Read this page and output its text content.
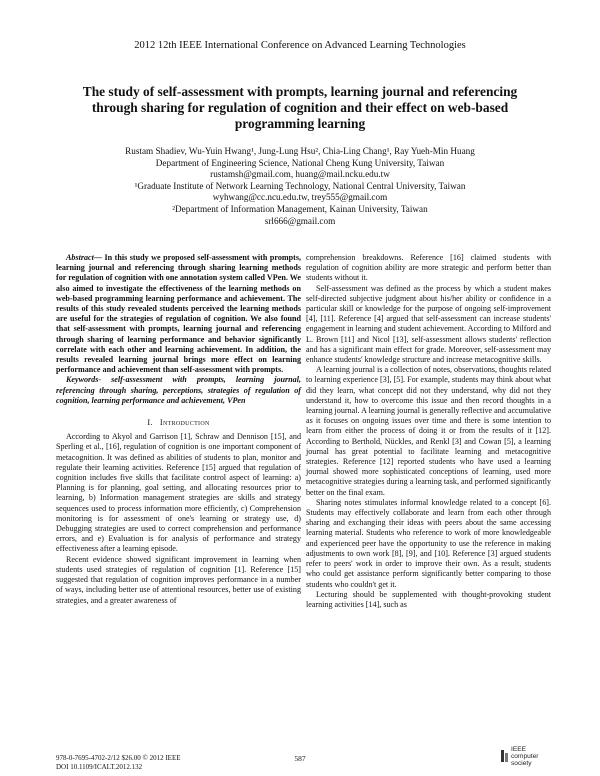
2012 12th IEEE International Conference on Advanced Learning Technologies
The study of self-assessment with prompts, learning journal and referencing through sharing for regulation of cognition and their effect on web-based programming learning
Rustam Shadiev, Wu-Yuin Hwang¹, Jung-Lung Hsu², Chia-Ling Chang¹, Ray Yueh-Min Huang
Department of Engineering Science, National Cheng Kung University, Taiwan
rustamsh@gmail.com, huang@mail.ncku.edu.tw
¹Graduate Institute of Network Learning Technology, National Central University, Taiwan
wyhwang@cc.ncu.edu.tw, trey555@gmail.com
²Department of Information Management, Kainan University, Taiwan
srl666@gmail.com

Abstract— In this study we proposed self-assessment with prompts, learning journal and referencing through sharing learning methods for regulation of cognition with one annotation system called VPen. We also aimed to investigate the effectiveness of the learning methods on web-based programming learning performance and achievement. The results of this study revealed students perceived the learning methods are useful for the strategies of regulation of cognition. We also found that self-assessment with prompts, learning journal and referencing through sharing of learning performance and behavior significantly correlate with each other and learning achievement. In addition, the results revealed learning journal brings more effect on learning performance and achievement than self-assessment with prompts.

Keywords- self-assessment with prompts, learning journal, referencing through sharing, perceptions, strategies of regulation of cognition, learning performance and achievement, VPen

I. Introduction

According to Akyol and Garrison [1], Schraw and Dennison [15], and Sperling et al., [16], regulation of cognition is one important component of metacognition. It was defined as abilities of students to plan, monitor and regulate their learning activities. Reference [15] argued that regulation of cognition includes five skills that facilitate control aspect of learning: a) Planning is for planning, goal setting, and allocating resources prior to learning, b) Information management strategies are skills and strategy sequences used to process information more efficiently, c) Comprehension monitoring is for assessment of one's learning or strategy use, d) Debugging strategies are used to correct comprehension and performance errors, and e) Evaluation is for analysis of performance and strategy effectiveness after a learning episode.

Recent evidence showed significant improvement in learning when students used strategies of regulation of cognition [1]. Reference [15] suggested that regulation of cognition improves performance in a number of ways, including better use of attentional resources, better use of existing strategies, and a greater awareness of

comprehension breakdowns. Reference [16] claimed students with regulation of cognition ability are more strategic and perform better than students without it.

Self-assessment was defined as the process by which a student makes self-directed subjective judgment about his/her ability or confidence in a particular skill or knowledge for the purpose of ongoing self-improvement [4], [11]. Reference [4] argued that self-assessment can increase students' engagement in learning and student achievement. According to Milford and L. Brown [11] and Nicol [13], self-assessment allows students' reflection and has a significant main effect for grade. Moreover, self-assessment may enhance students' knowledge structure and increase metacognitive skills.

A learning journal is a collection of notes, observations, thoughts related to learning experience [3], [5]. For example, students may think about what did they learn, what concept did not they understand, why did not they understand it, how to overcome this issue and then record thoughts in a learning journal. A learning journal is generally reflective and accumulative as it focuses on ongoing issues over time and there is some intention to learn from either the process of doing it or from the results of it [12]. According to Berthold, Nückles, and Renkl [3] and Cowan [5], a learning journal has great potential to facilitate learning and metacognitive strategies. Reference [12] reported students who have used a learning journal showed more sophisticated conceptions of learning, used more metacognitive strategies during a learning task, and performed significantly better on the final exam.

Sharing notes stimulates informal knowledge related to a concept [6]. Students may effectively collaborate and learn from each other through sharing and exchanging their ideas with peers about the same accessing learning material. Students who reference to work of more knowledgeable and experienced peer have the opportunity to use the reference in making adjustments to own work [8], [9], and [10]. Reference [3] argued students refer to peers' work in order to improve their own. As a result, students who could get assistance perform significantly better comparing to those students who couldn't get it.

Lecturing should be supplemented with thought-provoking student learning activities [14], such as

978-0-7695-4702-2/12 $26.00 © 2012 IEEE
DOI 10.1109/ICALT.2012.132
587
IEEE
computer
society
